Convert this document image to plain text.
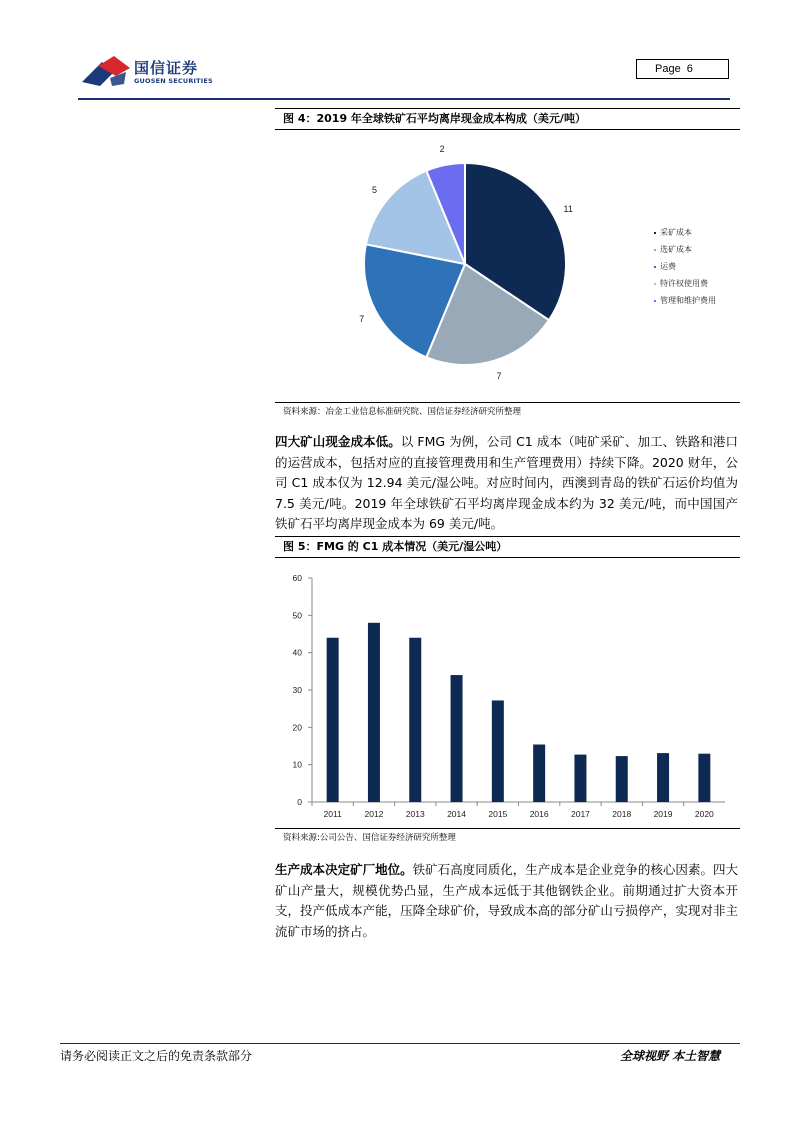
国信证券
GUOSEN SECURITIES
Page 6
图 4：2019 年全球铁矿石平均离岸现金成本构成（美元/吨）
11
7
7
5
2
采矿成本
选矿成本
运费
特许权使用费
管理和维护费用
资料来源：冶金工业信息标准研究院、国信证券经济研究所整理
四大矿山现金成本低。以 FMG 为例，公司 C1 成本（吨矿采矿、加工、铁路和港口的运营成本，包括对应的直接管理费用和生产管理费用）持续下降。2020 财年，公司 C1 成本仅为 12.94 美元/湿公吨。对应时间内，西澳到青岛的铁矿石运价均值为 7.5 美元/吨。2019 年全球铁矿石平均离岸现金成本约为 32 美元/吨，而中国国产铁矿石平均离岸现金成本为 69 美元/吨。
图 5：FMG 的 C1 成本情况（美元/湿公吨）
0
10
20
30
40
50
60
2011	2012	2013	2014	2015	2016	2017	2018	2019	2020
资料来源:公司公告、国信证券经济研究所整理
生产成本决定矿厂地位。铁矿石高度同质化，生产成本是企业竞争的核心因素。四大矿山产量大，规模优势凸显，生产成本远低于其他钢铁企业。前期通过扩大资本开支，投产低成本产能，压降全球矿价，导致成本高的部分矿山亏损停产，实现对非主流矿市场的挤占。
请务必阅读正文之后的免责条款部分	全球视野 本土智慧
